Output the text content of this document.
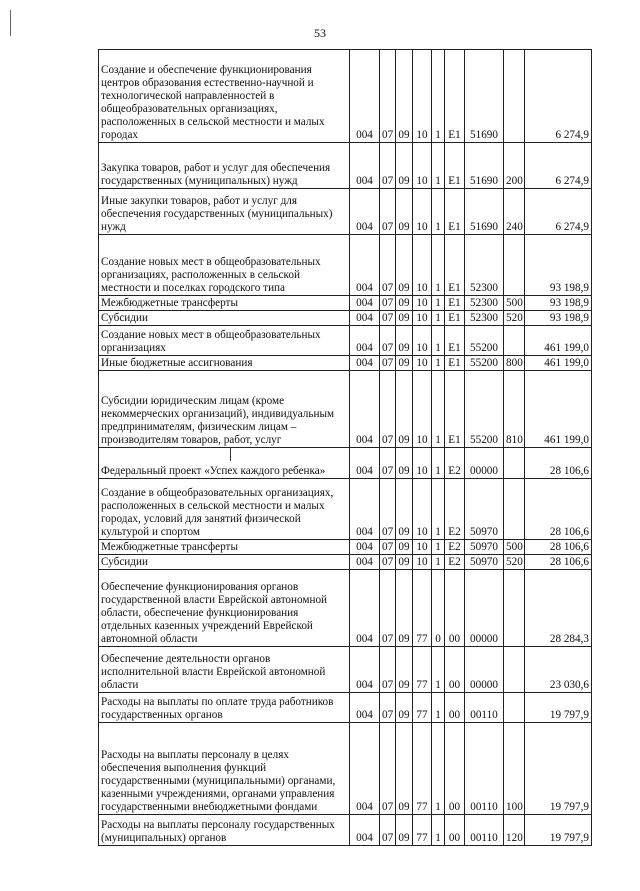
53
Создание и обеспечение функционирования центров образования естественно-научной и технологической направленностей в общеобразовательных организациях, расположенных в сельской местности и малых городах	004	07	09	10	1	E1	51690		6 274,9
Закупка товаров, работ и услуг для обеспечения государственных (муниципальных) нужд	004	07	09	10	1	E1	51690	200	6 274,9
Иные закупки товаров, работ и услуг для обеспечения государственных (муниципальных) нужд	004	07	09	10	1	E1	51690	240	6 274,9
Создание новых мест в общеобразовательных организациях, расположенных в сельской местности и поселках городского типа	004	07	09	10	1	E1	52300		93 198,9
Межбюджетные трансферты	004	07	09	10	1	E1	52300	500	93 198,9
Субсидии	004	07	09	10	1	E1	52300	520	93 198,9
Создание новых мест в общеобразовательных организациях	004	07	09	10	1	E1	55200		461 199,0
Иные бюджетные ассигнования	004	07	09	10	1	E1	55200	800	461 199,0
Субсидии юридическим лицам (кроме некоммерческих организаций), индивидуальным предпринимателям, физическим лицам – производителям товаров, работ, услуг	004	07	09	10	1	E1	55200	810	461 199,0
Федеральный проект «Успех каждого ребенка»	004	07	09	10	1	E2	00000		28 106,6
Создание в общеобразовательных организациях, расположенных в сельской местности и малых городах, условий для занятий физической культурой и спортом	004	07	09	10	1	E2	50970		28 106,6
Межбюджетные трансферты	004	07	09	10	1	E2	50970	500	28 106,6
Субсидии	004	07	09	10	1	E2	50970	520	28 106,6
Обеспечение функционирования органов государственной власти Еврейской автономной области, обеспечение функционирования отдельных казенных учреждений Еврейской автономной области	004	07	09	77	0	00	00000		28 284,3
Обеспечение деятельности органов исполнительной власти Еврейской автономной области	004	07	09	77	1	00	00000		23 030,6
Расходы на выплаты по оплате труда работников государственных органов	004	07	09	77	1	00	00110		19 797,9
Расходы на выплаты персоналу в целях обеспечения выполнения функций государственными (муниципальными) органами, казенными учреждениями, органами управления государственными внебюджетными фондами	004	07	09	77	1	00	00110	100	19 797,9
Расходы на выплаты персоналу государственных (муниципальных) органов	004	07	09	77	1	00	00110	120	19 797,9
